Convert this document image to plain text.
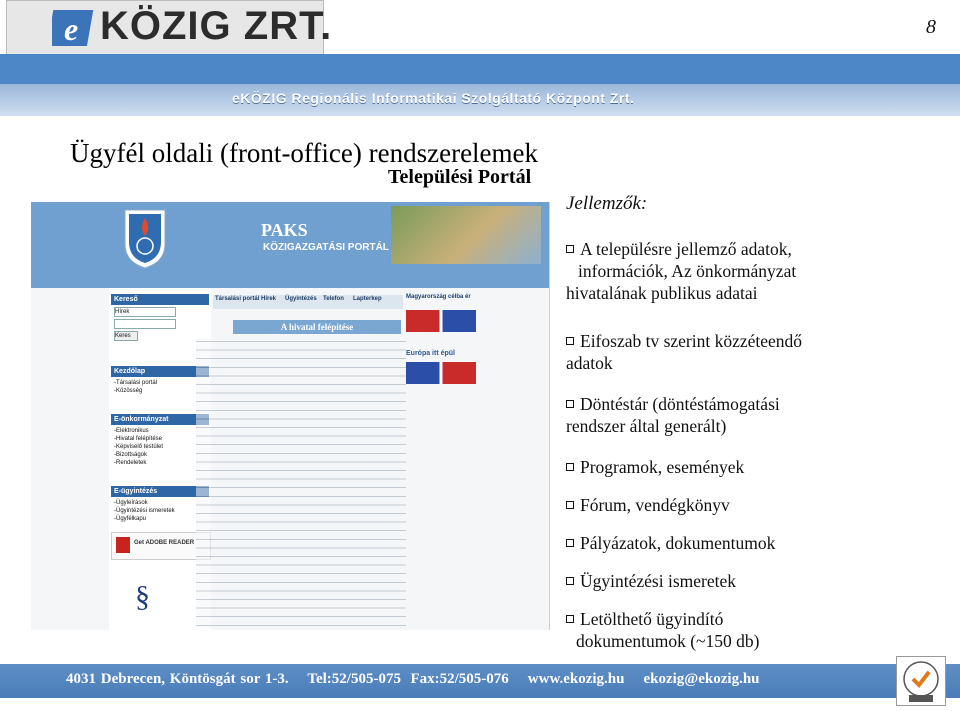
e KÖZIG ZRT.	8
eKÖZIG Regionális Informatikai Szolgáltató Központ Zrt.
Ügyfél oldali (front-office) rendszerelemek
Települési Portál
PAKS
KÖZIGAZGATÁSI PORTÁL
Kereső
Hírek
Keres
Kezdőlap
-Társalási portál
-Közösség
E-önkormányzat
-Elektronikus
-Hivatal felépítése
-Képviselő testület
-Bizottságok
-Rendeletek
E-ügyintézés
-Ügyleírások
-Ügyintézési ismeretek
-Ügyfélkapu
Get ADOBE READER
Társalási portál Hírek Ügyintézés Telefon Lapterkep
A hivatal felépítése
Magyarország célba ér
Európa itt épül
§
Jellemzők:
A településre jellemző adatok,
információk, Az önkormányzat
hivatalának publikus adatai
Eifoszab tv szerint közzéteendő
adatok
Döntéstár (döntéstámogatási
rendszer által generált)
Programok, események
Fórum, vendégkönyv
Pályázatok, dokumentumok
Ügyintézési ismeretek
Letölthető ügyindító
dokumentumok (~150 db)
4031 Debrecen, Köntösgát sor 1-3. Tel:52/505-075 Fax:52/505-076 www.ekozig.hu ekozig@ekozig.hu
